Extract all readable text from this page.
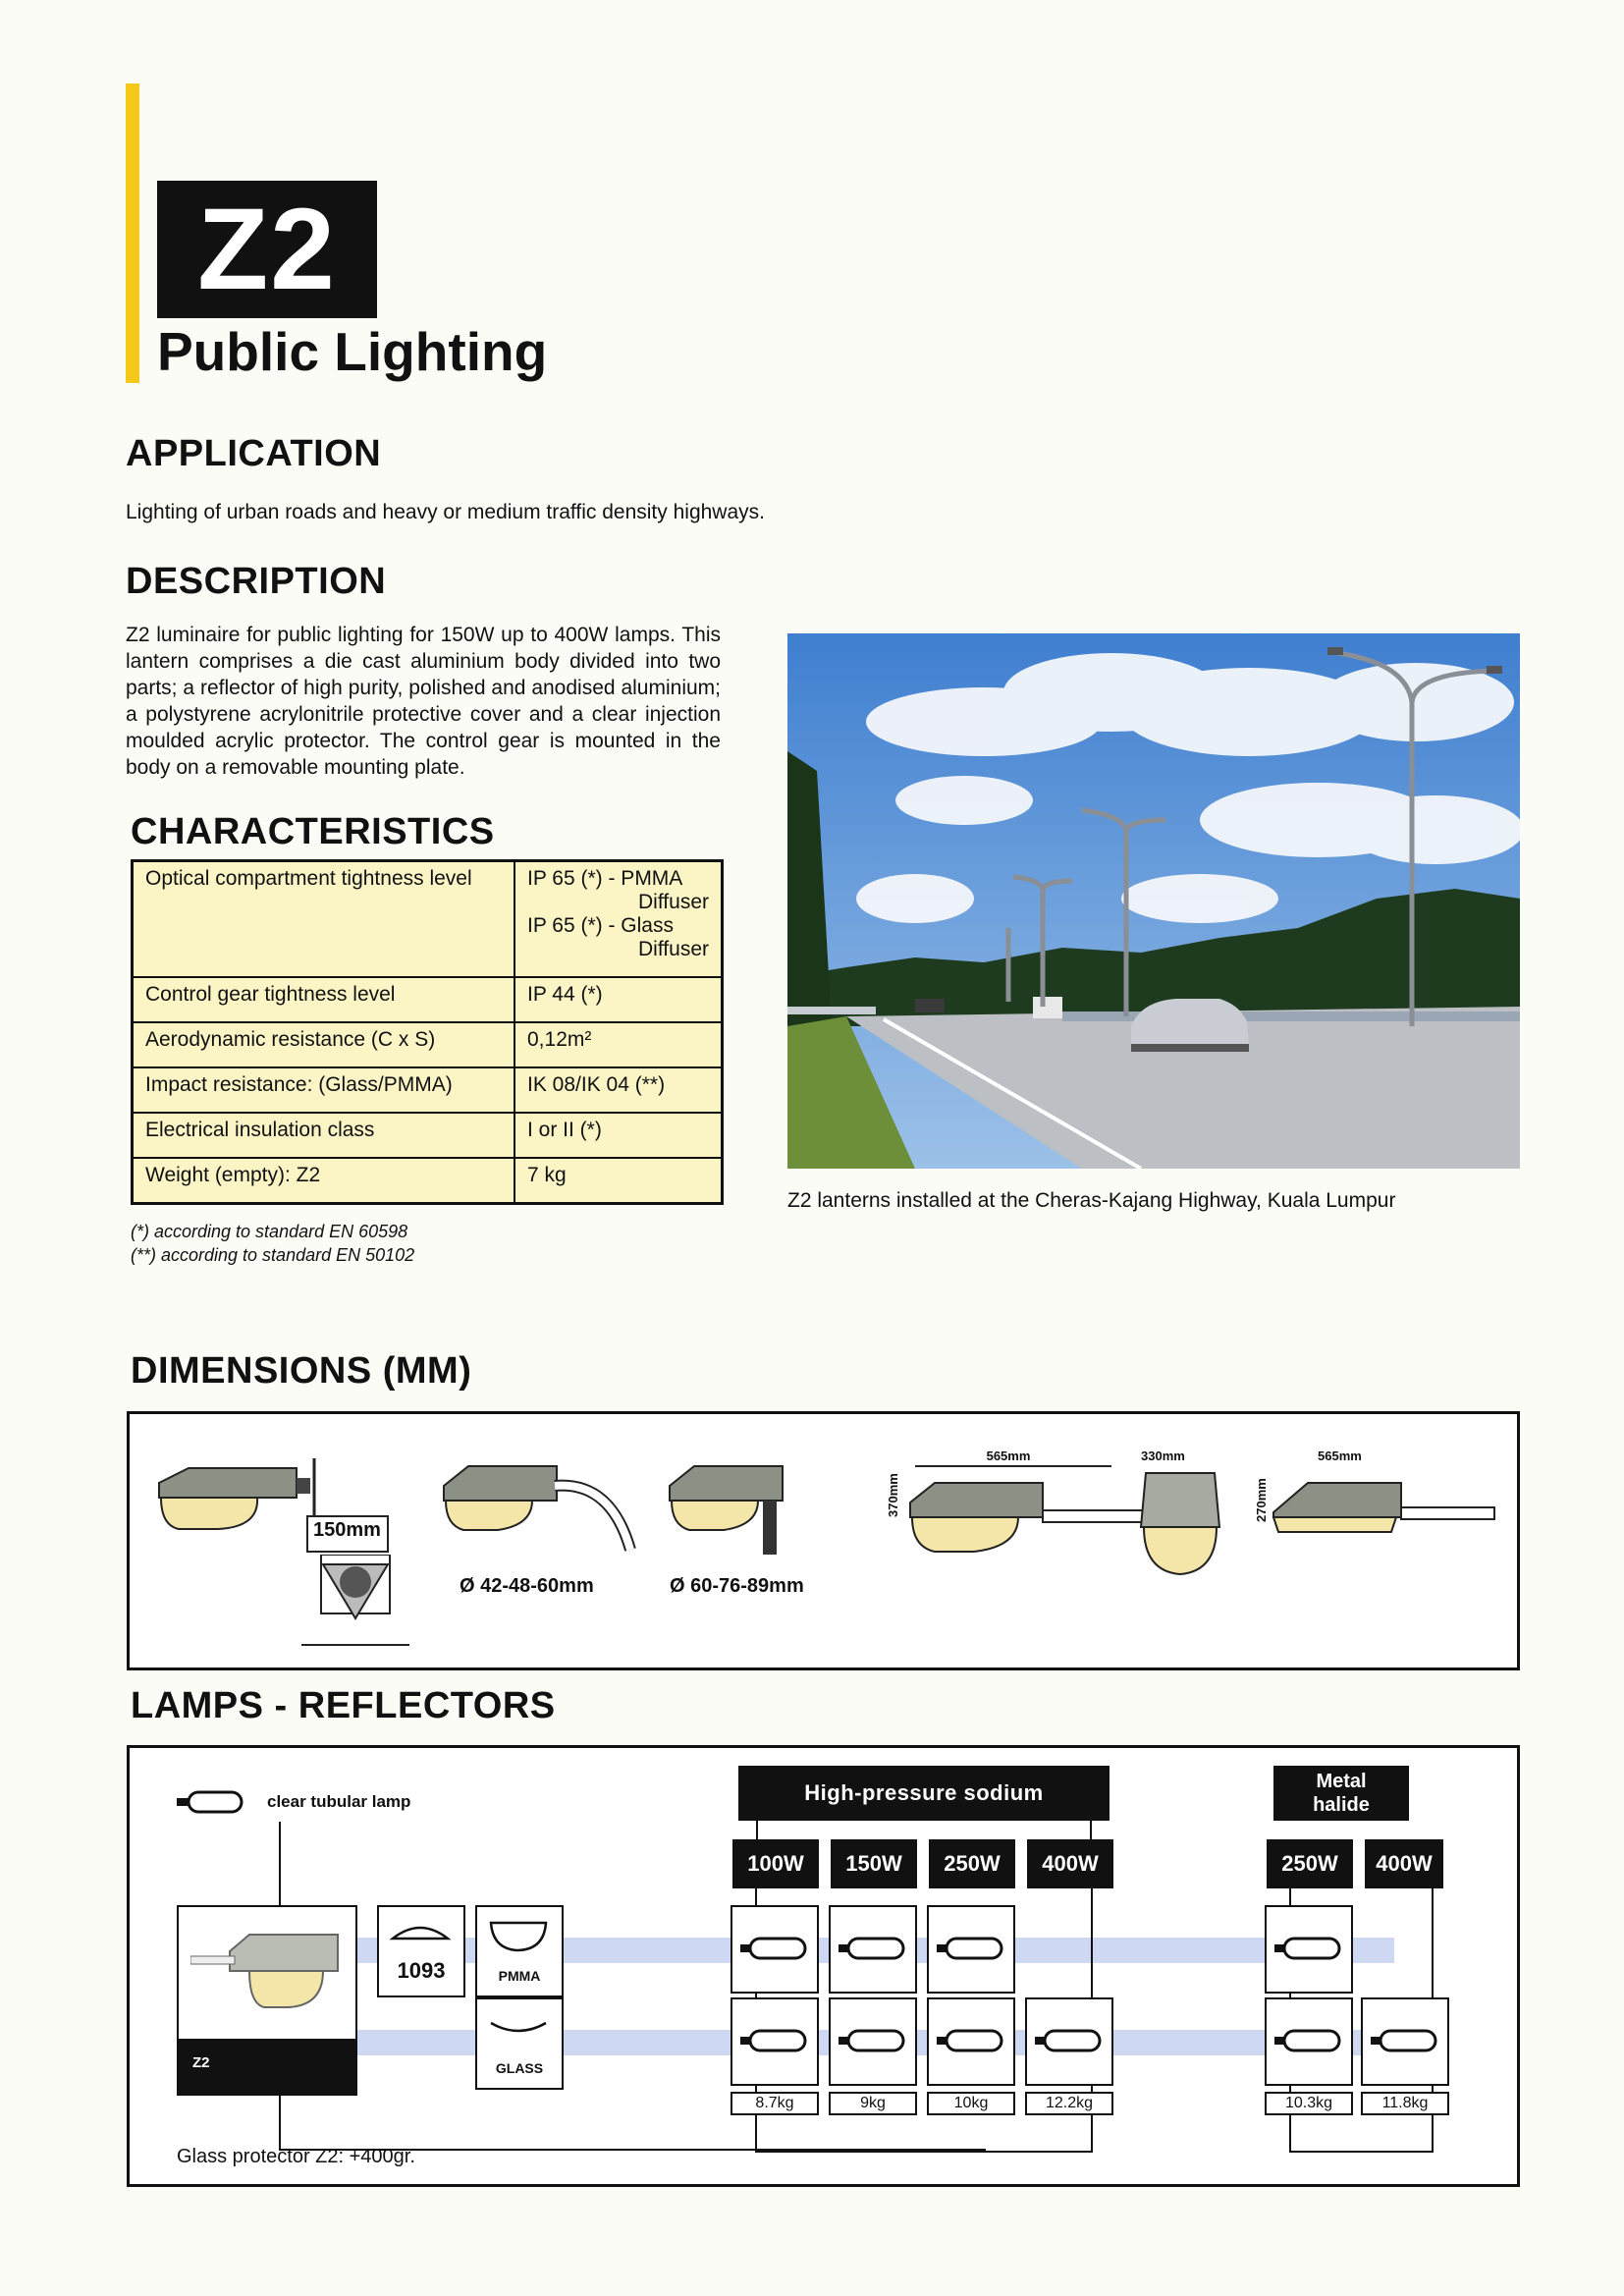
Z2
Public Lighting
APPLICATION
Lighting of urban roads and heavy or medium traffic density highways.
DESCRIPTION
Z2 luminaire for public lighting for 150W up to 400W lamps. This lantern comprises a die cast aluminium body divided into two parts; a reflector of high purity, polished and anodised aluminium; a polystyrene acrylonitrile protective cover and a clear injection moulded acrylic protector. The control gear is mounted in the body on a removable mounting plate.
CHARACTERISTICS
Optical compartment tightness level	IP 65 (*) - PMMA
Diffuser
IP 65 (*) - Glass
Diffuser

Control gear tightness level	IP 44 (*)
Aerodynamic resistance (C x S)	0,12m²
Impact resistance: (Glass/PMMA)	IK 08/IK 04 (**)
Electrical insulation class	I or II (*)
Weight (empty): Z2	7 kg
(*) according to standard EN 60598
(**) according to standard EN 50102
Z2 lanterns installed at the Cheras-Kajang Highway, Kuala Lumpur
DIMENSIONS (MM)
150mm
Ø 42-48-60mm	Ø 60-76-89mm
565mm
370mm
330mm	565mm
270mm
LAMPS - REFLECTORS
clear tubular lamp
Z2
1093	PMMA
GLASS
High-pressure sodium
100W	150W	250W	400W
Metal
halide
250W	400W
8.7kg	9kg	10kg	12.2kg	10.3kg	11.8kg
Glass protector Z2: +400gr.
